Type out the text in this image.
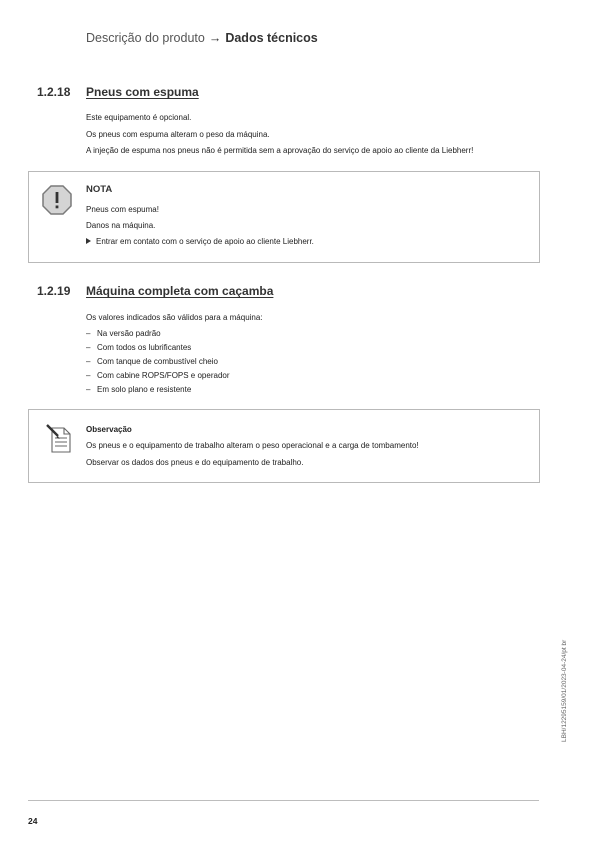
Descrição do produto → Dados técnicos
1.2.18 Pneus com espuma
Este equipamento é opcional.
Os pneus com espuma alteram o peso da máquina.
A injeção de espuma nos pneus não é permitida sem a aprovação do serviço de apoio ao cliente da Liebherr!
NOTA
Pneus com espuma!
Danos na máquina.
Entrar em contato com o serviço de apoio ao cliente Liebherr.
1.2.19 Máquina completa com caçamba
Os valores indicados são válidos para a máquina:
– Na versão padrão
– Com todos os lubrificantes
– Com tanque de combustível cheio
– Com cabine ROPS/FOPS e operador
– Em solo plano e resistente
Observação
Os pneus e o equipamento de trabalho alteram o peso operacional e a carga de tombamento!
Observar os dados dos pneus e do equipamento de trabalho.
LBH/12295159/01/2023-04-24/pt br
24
